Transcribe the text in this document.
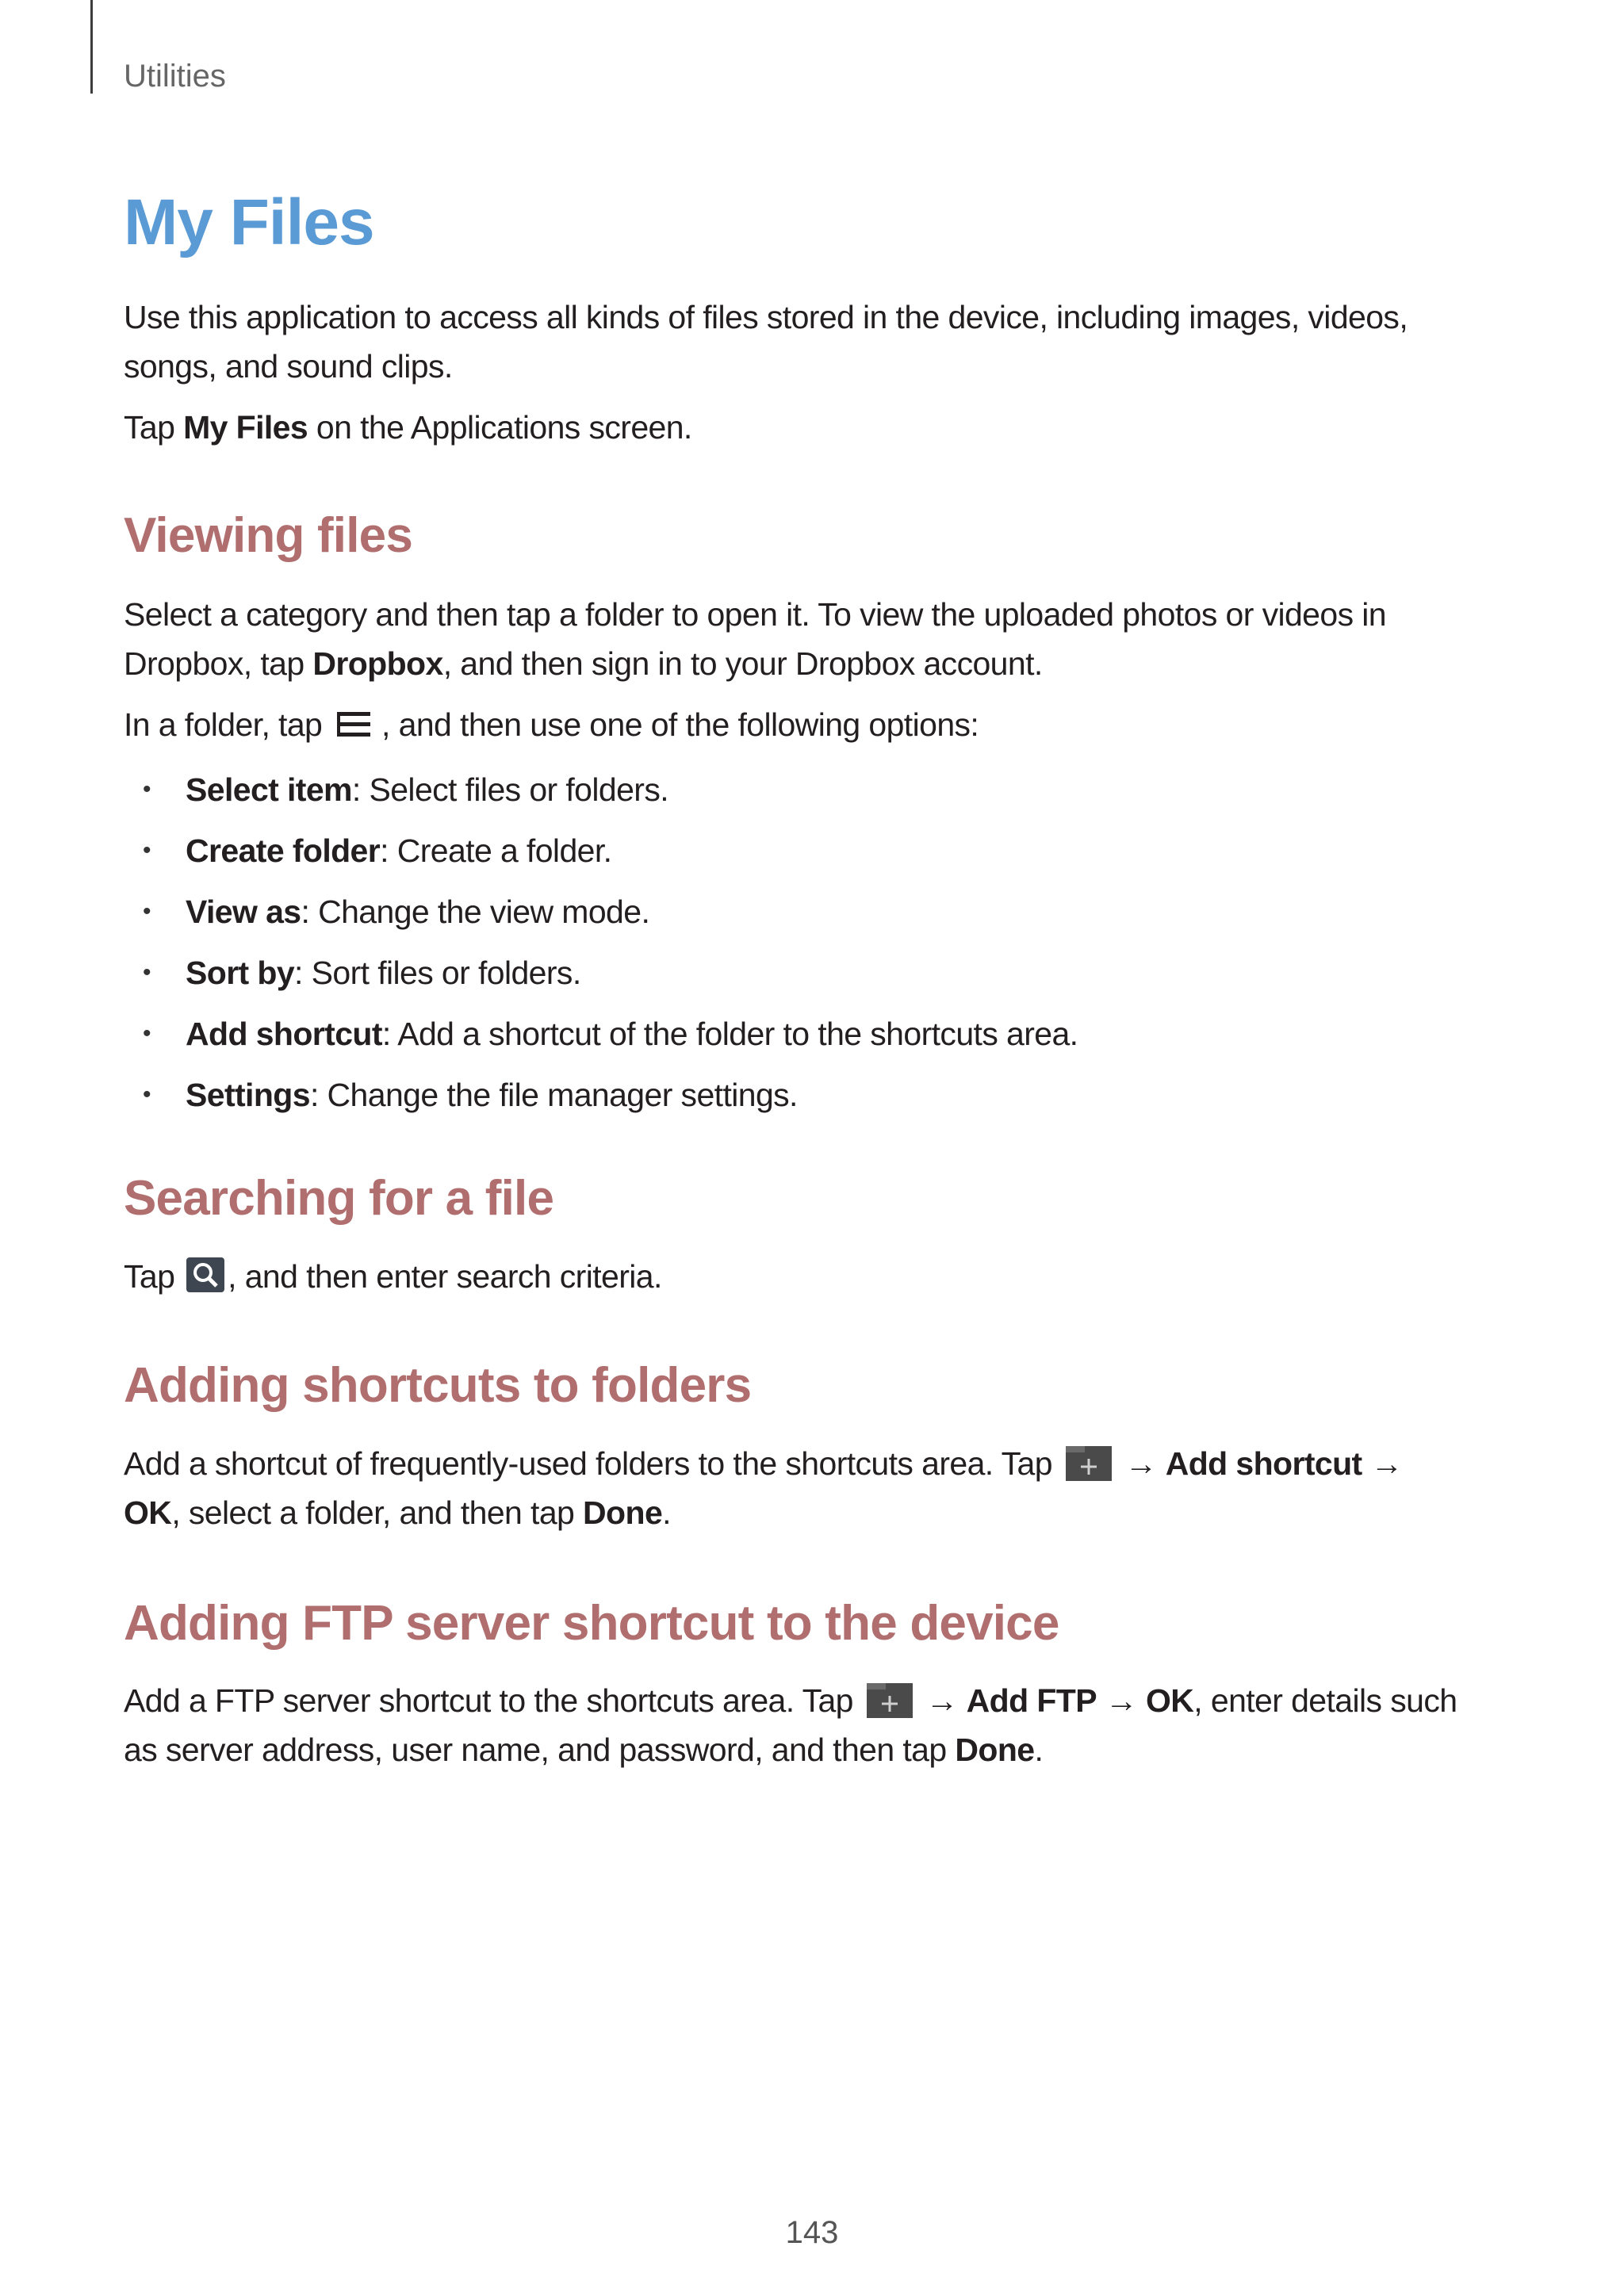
Utilities
My Files

Use this application to access all kinds of files stored in the device, including images, videos,
songs, and sound clips.

Tap My Files on the Applications screen.

Viewing files

Select a category and then tap a folder to open it. To view the uploaded photos or videos in
Dropbox, tap Dropbox, and then sign in to your Dropbox account.

In a folder, tap , and then use one of the following options:

• Select item: Select files or folders.
• Create folder: Create a folder.
• View as: Change the view mode.
• Sort by: Sort files or folders.
• Add shortcut: Add a shortcut of the folder to the shortcuts area.
• Settings: Change the file manager settings.
Searching for a file

Tap
, and then enter search criteria.

Adding shortcuts to folders

Add a shortcut of frequently-used folders to the shortcuts area. Tap
→ Add shortcut →
OK, select a folder, and then tap Done.

Adding FTP server shortcut to the device

Add a FTP server shortcut to the shortcuts area. Tap
→ Add FTP → OK, enter details such
as server address, user name, and password, and then tap Done.

143
